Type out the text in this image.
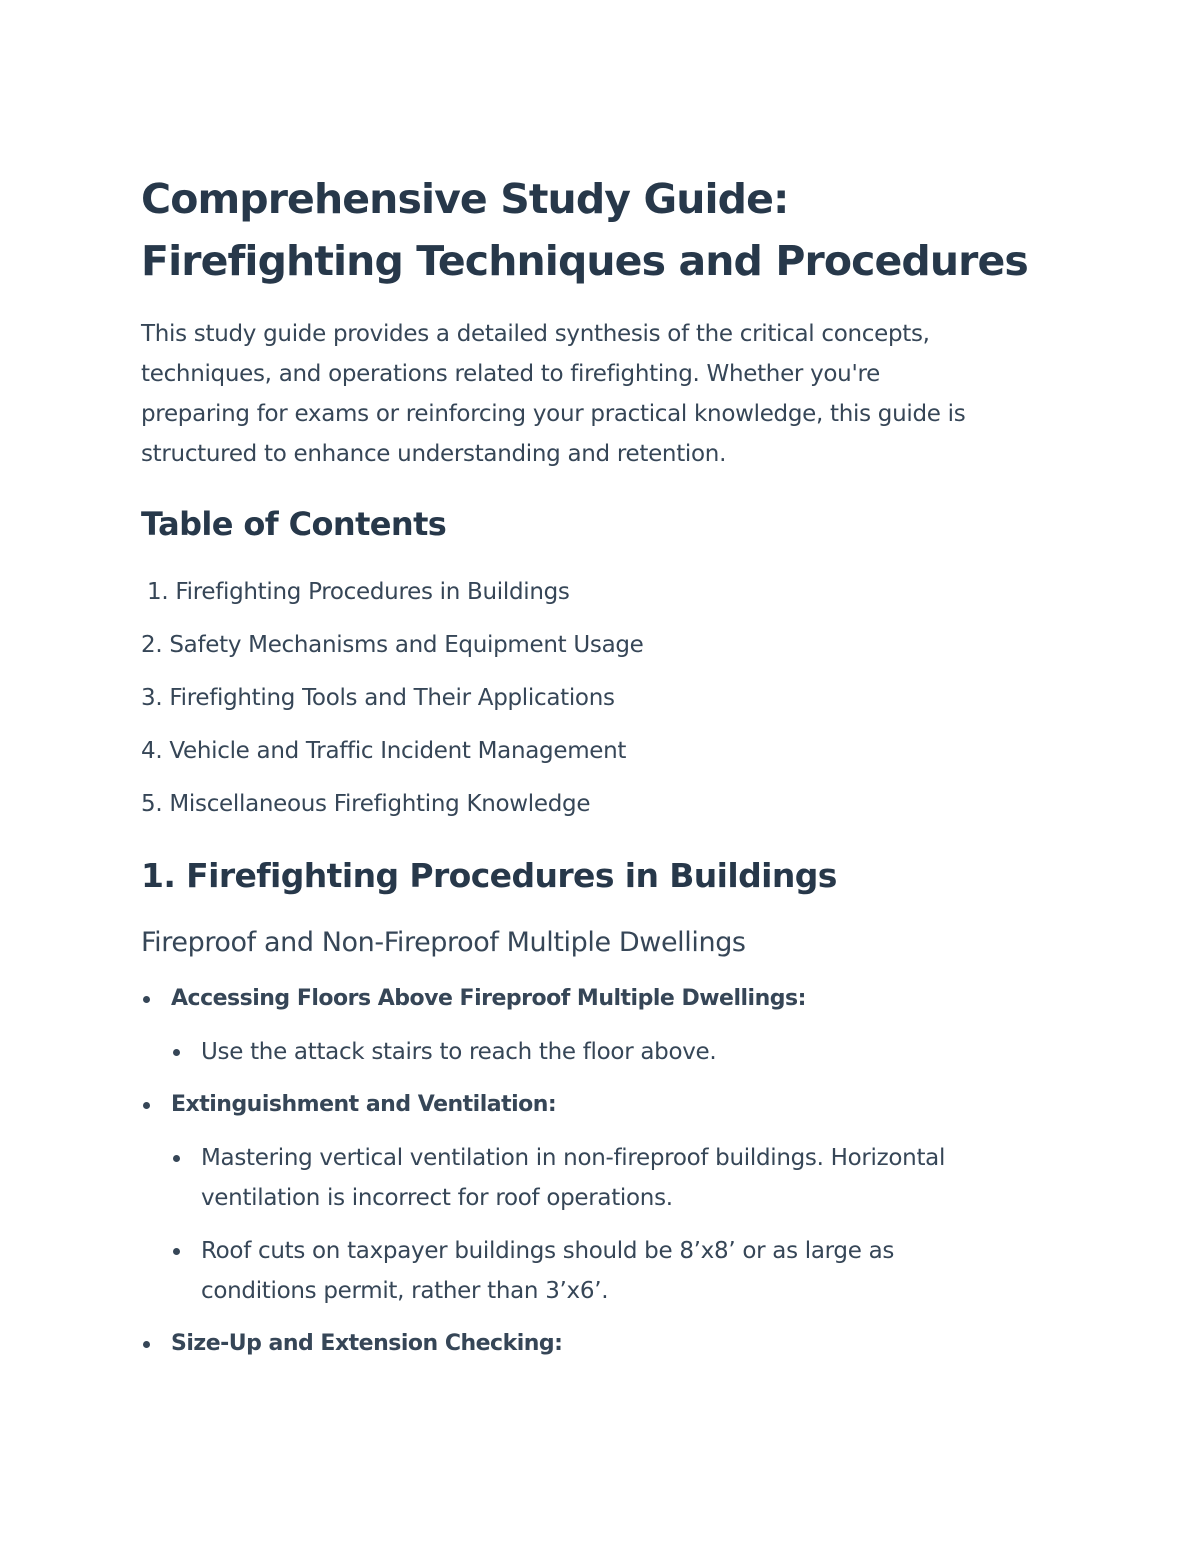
Comprehensive Study Guide:
Firefighting Techniques and Procedures

This study guide provides a detailed synthesis of the critical concepts,
techniques, and operations related to firefighting. Whether you're
preparing for exams or reinforcing your practical knowledge, this guide is
structured to enhance understanding and retention.

Table of Contents
1. Firefighting Procedures in Buildings
2. Safety Mechanisms and Equipment Usage
3. Firefighting Tools and Their Applications
4. Vehicle and Traffic Incident Management
5. Miscellaneous Firefighting Knowledge
1. Firefighting Procedures in Buildings
Fireproof and Non-Fireproof Multiple Dwellings
Accessing Floors Above Fireproof Multiple Dwellings:
Use the attack stairs to reach the floor above.
Extinguishment and Ventilation:
Mastering vertical ventilation in non-fireproof buildings. Horizontal
ventilation is incorrect for roof operations.
Roof cuts on taxpayer buildings should be 8’x8’ or as large as
conditions permit, rather than 3’x6’.
Size-Up and Extension Checking:
